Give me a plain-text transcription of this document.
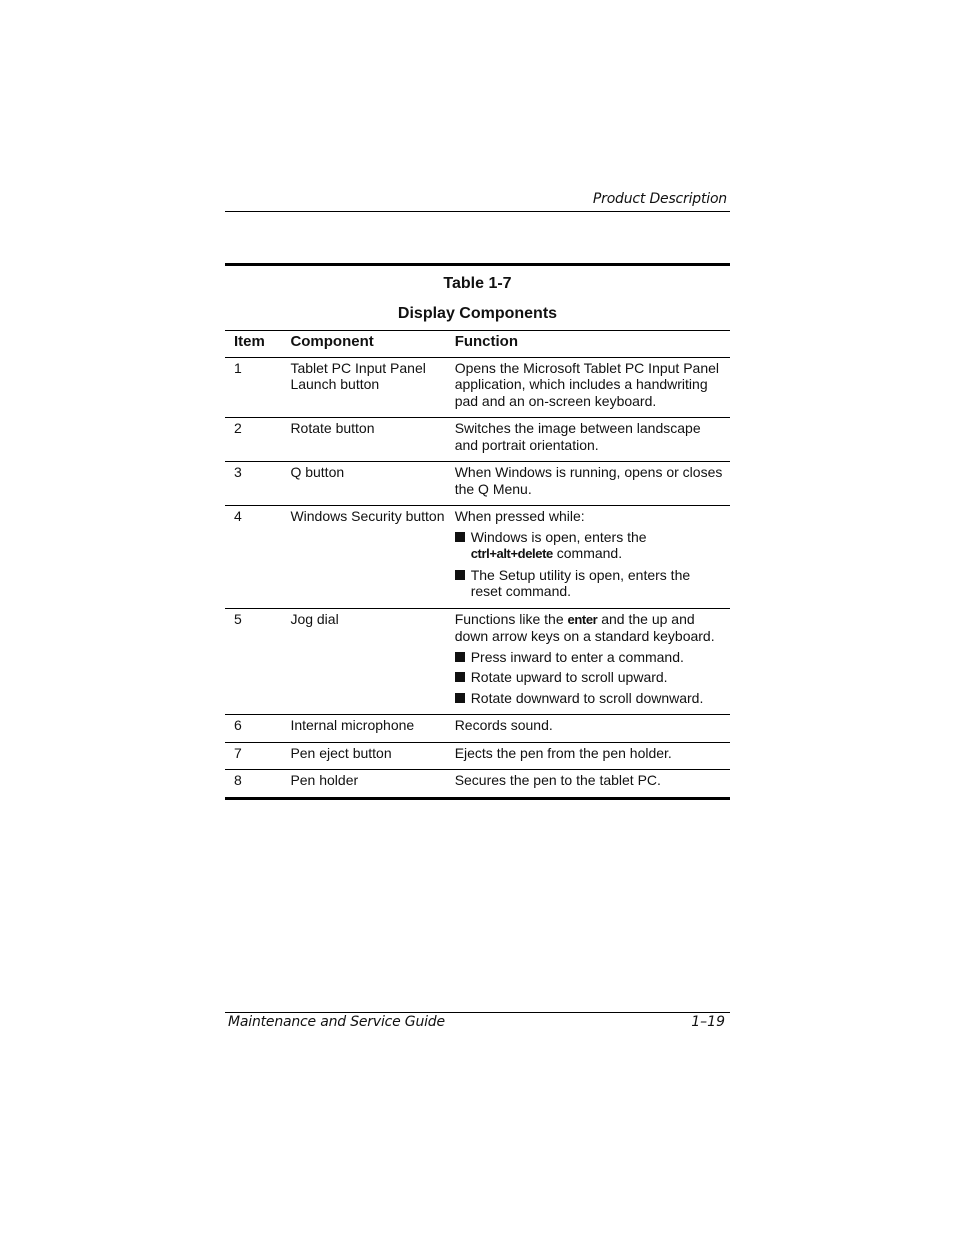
Product Description
Table 1-7
Display Components
Item	Component	Function
1	Tablet PC Input Panel Launch button	Opens the Microsoft Tablet PC Input Panel application, which includes a handwriting pad and an on-screen keyboard.
2	Rotate button	Switches the image between landscape and portrait orientation.
3	Q button	When Windows is running, opens or closes the Q Menu.
4	Windows Security button	When pressed while:
Windows is open, enters the ctrl+alt+delete command.
The Setup utility is open, enters the reset command.

5	Jog dial	Functions like the enter and the up and down arrow keys on a standard keyboard.
Press inward to enter a command.
Rotate upward to scroll upward.
Rotate downward to scroll downward.

6	Internal microphone	Records sound.
7	Pen eject button	Ejects the pen from the pen holder.
8	Pen holder	Secures the pen to the tablet PC.
Maintenance and Service Guide	1–19
